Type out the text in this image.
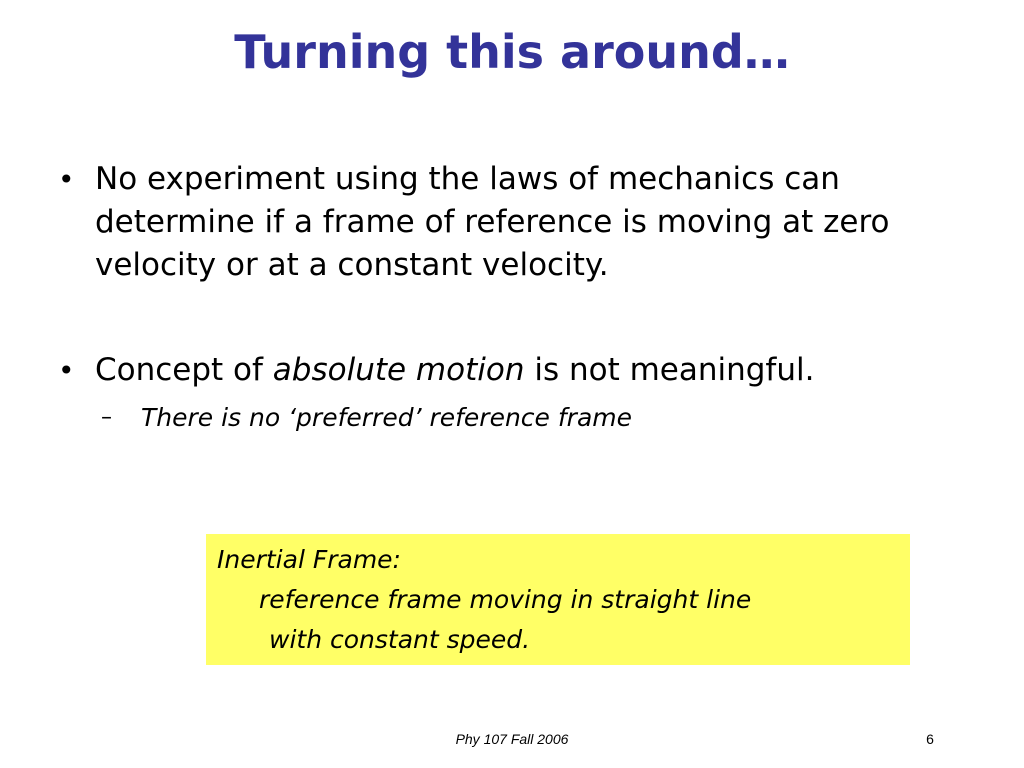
Turning this around…
• No experiment using the laws of mechanics can determine if a frame of reference is moving at zero velocity or at a constant velocity.
• Concept of absolute motion is not meaningful.
– There is no ‘preferred’ reference frame
Inertial Frame:
reference frame moving in straight line
with constant speed.
Phy 107 Fall 2006	6
